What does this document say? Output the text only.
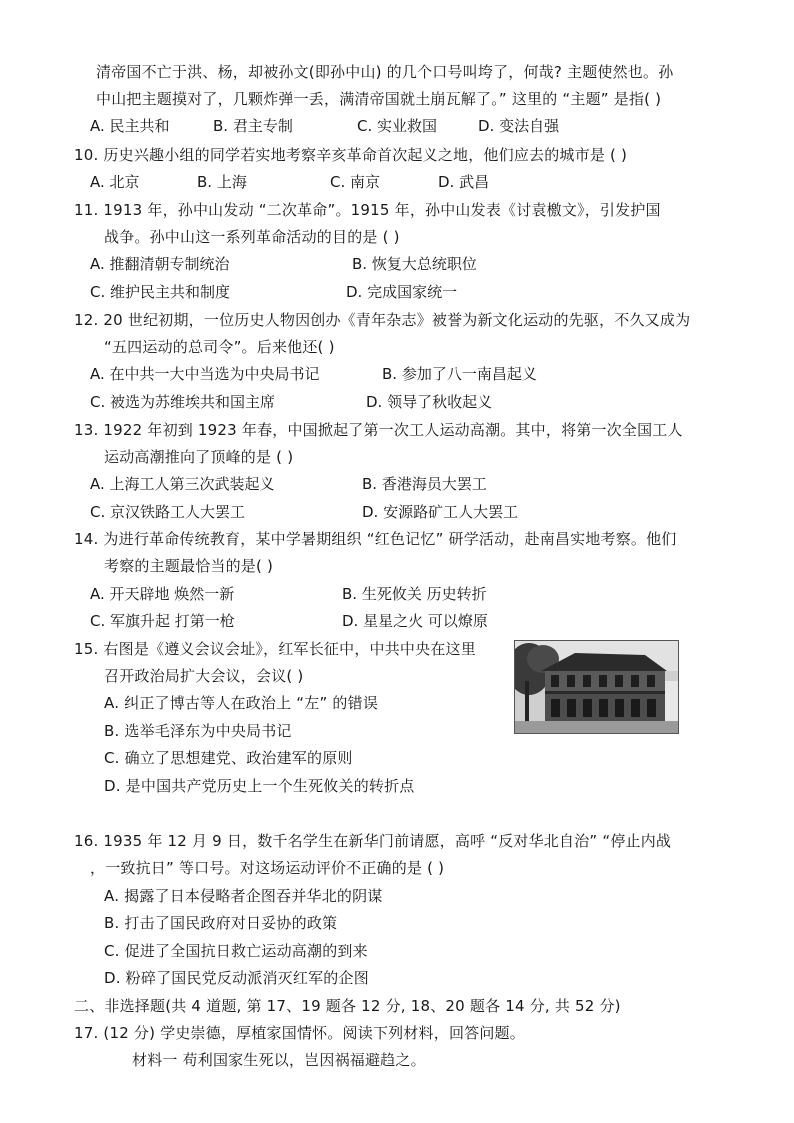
清帝国不亡于洪、杨，却被孙文(即孙中山) 的几个口号叫垮了，何哉? 主题使然也。孙
中山把主题摸对了，几颗炸弹一丢，满清帝国就土崩瓦解了。” 这里的 “主题” 是指( )
A. 民主共和	B. 君主专制	C. 实业救国	D. 变法自强
10. 历史兴趣小组的同学若实地考察辛亥革命首次起义之地，他们应去的城市是 ( )
A. 北京	B. 上海	C. 南京	D. 武昌
11. 1913 年，孙中山发动 “二次革命”。1915 年，孙中山发表《讨袁檄文》，引发护国
战争。孙中山这一系列革命活动的目的是 ( )
A. 推翻清朝专制统治	B. 恢复大总统职位
C. 维护民主共和制度	D. 完成国家统一
12. 20 世纪初期，一位历史人物因创办《青年杂志》被誉为新文化运动的先驱，不久又成为
“五四运动的总司令”。后来他还( )
A. 在中共一大中当选为中央局书记	B. 参加了八一南昌起义
C. 被选为苏维埃共和国主席	D. 领导了秋收起义
13. 1922 年初到 1923 年春，中国掀起了第一次工人运动高潮。其中，将第一次全国工人
运动高潮推向了顶峰的是 ( )
A. 上海工人第三次武装起义	B. 香港海员大罢工
C. 京汉铁路工人大罢工	D. 安源路矿工人大罢工
14. 为进行革命传统教育，某中学暑期组织 “红色记忆” 研学活动，赴南昌实地考察。他们
考察的主题最恰当的是( )
A. 开天辟地 焕然一新	B. 生死攸关 历史转折
C. 军旗升起 打第一枪	D. 星星之火 可以燎原
15. 右图是《遵义会议会址》，红军长征中，中共中央在这里
召开政治局扩大会议，会议( )
A. 纠正了博古等人在政治上 “左” 的错误
B. 选举毛泽东为中央局书记
C. 确立了思想建党、政治建军的原则
D. 是中国共产党历史上一个生死攸关的转折点
16. 1935 年 12 月 9 日，数千名学生在新华门前请愿，高呼 “反对华北自治” “停止内战
，一致抗日” 等口号。对这场运动评价不正确的是 ( )
A. 揭露了日本侵略者企图吞并华北的阴谋
B. 打击了国民政府对日妥协的政策
C. 促进了全国抗日救亡运动高潮的到来
D. 粉碎了国民党反动派消灭红军的企图
二、非选择题(共 4 道题, 第 17、19 题各 12 分, 18、20 题各 14 分, 共 52 分)
17. (12 分) 学史崇德，厚植家国情怀。阅读下列材料，回答问题。
材料一 苟利国家生死以，岂因祸福避趋之。
